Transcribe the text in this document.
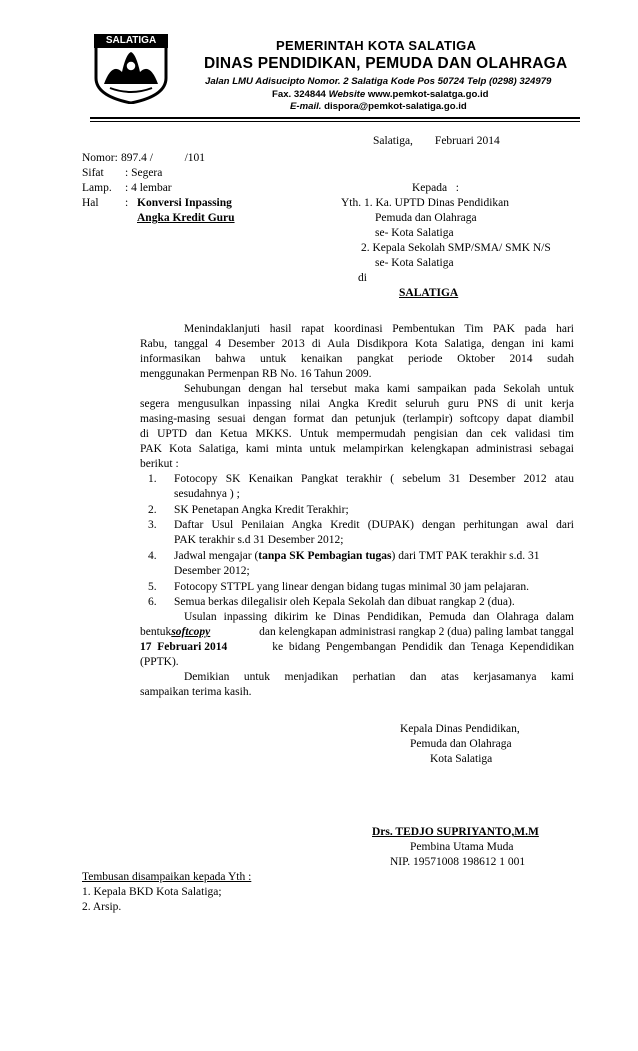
SALATIGA	PEMERINTAH KOTA SALATIGA
DINAS PENDIDIKAN, PEMUDA DAN OLAHRAGA
Jalan LMU Adisucipto Nomor. 2 Salatiga Kode Pos 50724 Telp (0298) 324979
Fax. 324844 Website www.pemkot-salatga.go.id
E-mail. dispora@pemkot-salatiga.go.id
Salatiga, Februari 2014
Nomor: 897.4 /           /101
Sifat : Segera
Lamp. : 4 lembar
Hal : Konversi Inpassing
Angka Kredit Guru
Kepada   :
Yth. 1. Ka. UPTD Dinas Pendidikan
Pemuda dan Olahraga
se- Kota Salatiga
2. Kepala Sekolah SMP/SMA/ SMK N/S
se- Kota Salatiga
di
SALATIGA
Menindaklanjuti hasil rapat koordinasi Pembentukan Tim PAK pada hari
Rabu, tanggal 4 Desember 2013 di Aula Disdikpora Kota Salatiga, dengan ini kami
informasikan bahwa untuk kenaikan pangkat periode Oktober 2014 sudah
menggunakan Permenpan RB No. 16 Tahun 2009.
Sehubungan dengan hal tersebut maka kami sampaikan pada Sekolah untuk
segera mengusulkan inpassing nilai Angka Kredit seluruh guru PNS di unit kerja
masing-masing sesuai dengan format dan petunjuk (terlampir) softcopy dapat diambil
di UPTD dan Ketua MKKS. Untuk mempermudah pengisian dan cek validasi tim
PAK Kota Salatiga, kami minta untuk melampirkan kelengkapan administrasi sebagai
berikut :
1. Fotocopy SK Kenaikan Pangkat terakhir ( sebelum 31 Desember 2012 atau
sesudahnya ) ;
2. SK Penetapan Angka Kredit Terakhir;
3. Daftar Usul Penilaian Angka Kredit (DUPAK) dengan perhitungan awal dari
PAK terakhir s.d 31 Desember 2012;
4. Jadwal mengajar (tanpa SK Pembagian tugas) dari TMT PAK terakhir s.d. 31
Desember 2012;
5. Fotocopy STTPL yang linear dengan bidang tugas minimal 30 jam pelajaran.
6. Semua berkas dilegalisir oleh Kepala Sekolah dan dibuat rangkap 2 (dua).
Usulan inpassing dikirim ke Dinas Pendidikan, Pemuda dan Olahraga dalam
bentuk softcopy	dan kelengkapan administrasi rangkap 2 (dua) paling lambat tanggal
17  Februari 2014	ke  bidang  Pengembangan  Pendidik  dan  Tenaga  Kependidikan
(PPTK).
Demikian untuk menjadikan perhatian dan atas kerjasamanya kami
sampaikan terima kasih.
Kepala Dinas Pendidikan,
Pemuda dan Olahraga
Kota Salatiga
Drs. TEDJO SUPRIYANTO,M.M
Pembina Utama Muda
NIP. 19571008 198612 1 001
Tembusan disampaikan kepada Yth :
1. Kepala BKD Kota Salatiga;
2. Arsip.
